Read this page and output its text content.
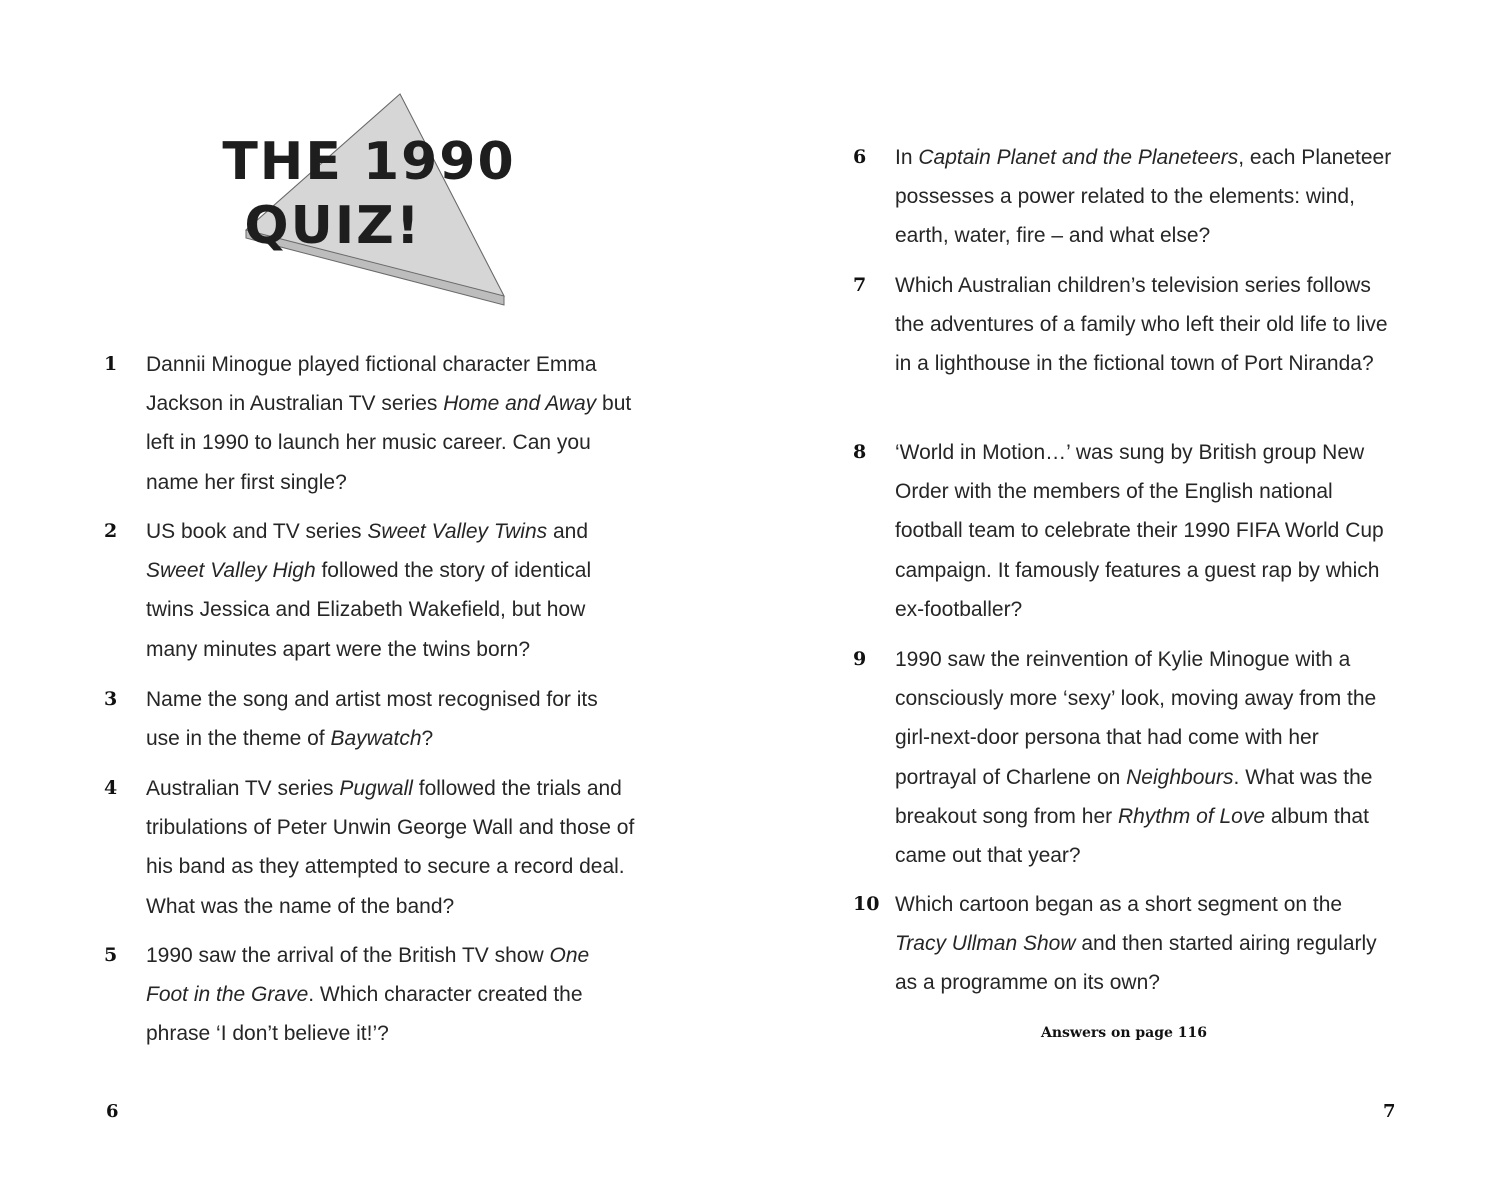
THE 1990
QUIZ!
1 Dannii Minogue played fictional character Emma Jackson in Australian TV series Home and Away but left in 1990 to launch her music career. Can you name her first single?
2 US book and TV series Sweet Valley Twins and Sweet Valley High followed the story of identical twins Jessica and Elizabeth Wakefield, but how many minutes apart were the twins born?
3 Name the song and artist most recognised for its use in the theme of Baywatch?
4 Australian TV series Pugwall followed the trials and tribulations of Peter Unwin George Wall and those of his band as they attempted to secure a record deal. What was the name of the band?
5 1990 saw the arrival of the British TV show One Foot in the Grave. Which character created the phrase ‘I don’t believe it!’?
6
6 In Captain Planet and the Planeteers, each Planeteer possesses a power related to the elements: wind, earth, water, fire – and what else?
7 Which Australian children’s television series follows the adventures of a family who left their old life to live in a lighthouse in the fictional town of Port Niranda?
8 ‘World in Motion…’ was sung by British group New Order with the members of the English national football team to celebrate their 1990 FIFA World Cup campaign. It famously features a guest rap by which ex-footballer?
9 1990 saw the reinvention of Kylie Minogue with a consciously more ‘sexy’ look, moving away from the girl-next-door persona that had come with her portrayal of Charlene on Neighbours. What was the breakout song from her Rhythm of Love album that came out that year?
10 Which cartoon began as a short segment on the Tracy Ullman Show and then started airing regularly as a programme on its own?
Answers on page 116
7
